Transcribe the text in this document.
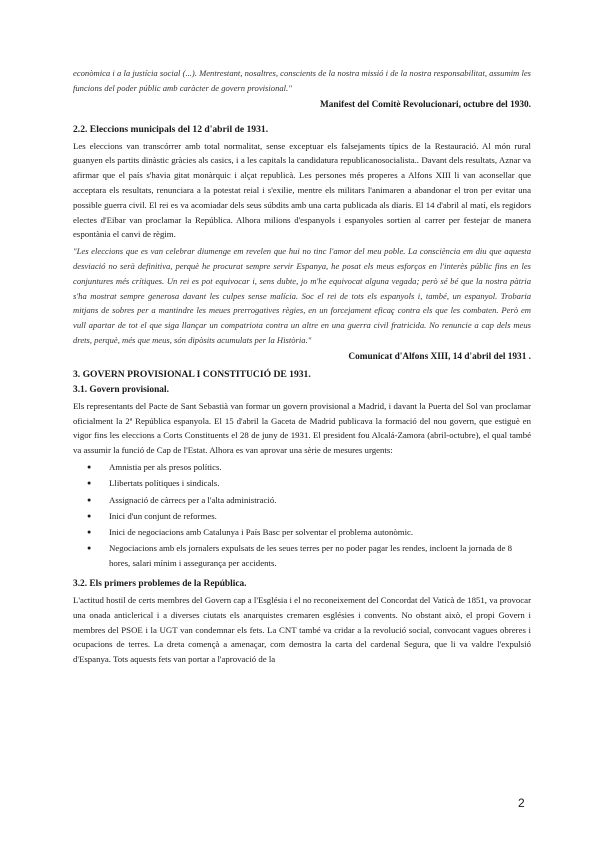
econòmica i a la justícia social (...). Mentrestant, nosaltres, conscients de la nostra missió i de la nostra responsabilitat, assumim les funcions del poder públic amb caràcter de govern provisional."

Manifest del Comitè Revolucionari, octubre del 1930.

2.2. Eleccions municipals del 12 d'abril de 1931.

Les eleccions van transcórrer amb total normalitat, sense exceptuar els falsejaments típics de la Restauració. Al món rural guanyen els partits dinàstic gràcies als casics, i a les capitals la candidatura republicanosocialista.. Davant dels resultats, Aznar va afirmar que el país s'havia gitat monàrquic i alçat republicà. Les persones més properes a Alfons XIII li van aconsellar que acceptara els resultats, renunciara a la potestat reial i s'exilie, mentre els militars l'animaren a abandonar el tron per evitar una possible guerra civil. El rei es va acomiadar dels seus súbdits amb una carta publicada als diaris. El 14 d'abril al matí, els regidors electes d'Eibar van proclamar la República. Alhora milions d'espanyols i espanyoles sortien al carrer per festejar de manera espontània el canvi de règim.

"Les eleccions que es van celebrar diumenge em revelen que hui no tinc l'amor del meu poble. La consciència em diu que aquesta desviació no serà definitiva, perquè he procurat sempre servir Espanya, he posat els meus esforços en l'interès públic fins en les conjuntures més crítiques. Un rei es pot equivocar i, sens dubte, jo m'he equivocat alguna vegada; però sé bé que la nostra pàtria s'ha mostrat sempre generosa davant les culpes sense malícia. Soc el rei de tots els espanyols i, també, un espanyol. Trobaria mitjans de sobres per a mantindre les meues prerrogatives règies, en un forcejament eficaç contra els que les combaten. Però em vull apartar de tot el que siga llançar un compatriota contra un altre en una guerra civil fratricida. No renuncie a cap dels meus drets, perquè, més que meus, són dipòsits acumulats per la Història."

Comunicat d'Alfons XIII, 14 d'abril del 1931 .

3. GOVERN PROVISIONAL I CONSTITUCIÓ DE 1931.
3.1. Govern provisional.

Els representants del Pacte de Sant Sebastià van formar un govern provisional a Madrid, i davant la Puerta del Sol van proclamar oficialment la 2ª República espanyola. El 15 d'abril la Gaceta de Madrid publicava la formació del nou govern, que estiguè en vigor fins les eleccions a Corts Constituents el 28 de juny de 1931. El president fou Alcalá-Zamora (abril-octubre), el qual també va assumir la funció de Cap de l'Estat. Alhora es van aprovar una sèrie de mesures urgents:

● Amnistia per als presos polítics.
● Llibertats polítiques i sindicals.
● Assignació de càrrecs per a l'alta administració.
● Inici d'un conjunt de reformes.
● Inici de negociacions amb Catalunya i País Basc per solventar el problema autonòmic.
● Negociacions amb els jornalers expulsats de les seues terres per no poder pagar les rendes, incloent la jornada de 8 hores, salari mínim i assegurança per accidents.
3.2. Els primers problemes de la República.

L'actitud hostil de certs membres del Govern cap a l'Església i el no reconeixement del Concordat del Vaticà de 1851, va provocar una onada anticlerical i a diverses ciutats els anarquistes cremaren esglésies i convents. No obstant això, el propi Govern i membres del PSOE i la UGT van condemnar els fets. La CNT també va cridar a la revolució social, convocant vagues obreres i ocupacions de terres. La dreta començà a amenaçar, com demostra la carta del cardenal Segura, que li va valdre l'expulsió d'Espanya. Tots aquests fets van portar a l'aprovació de la

2
